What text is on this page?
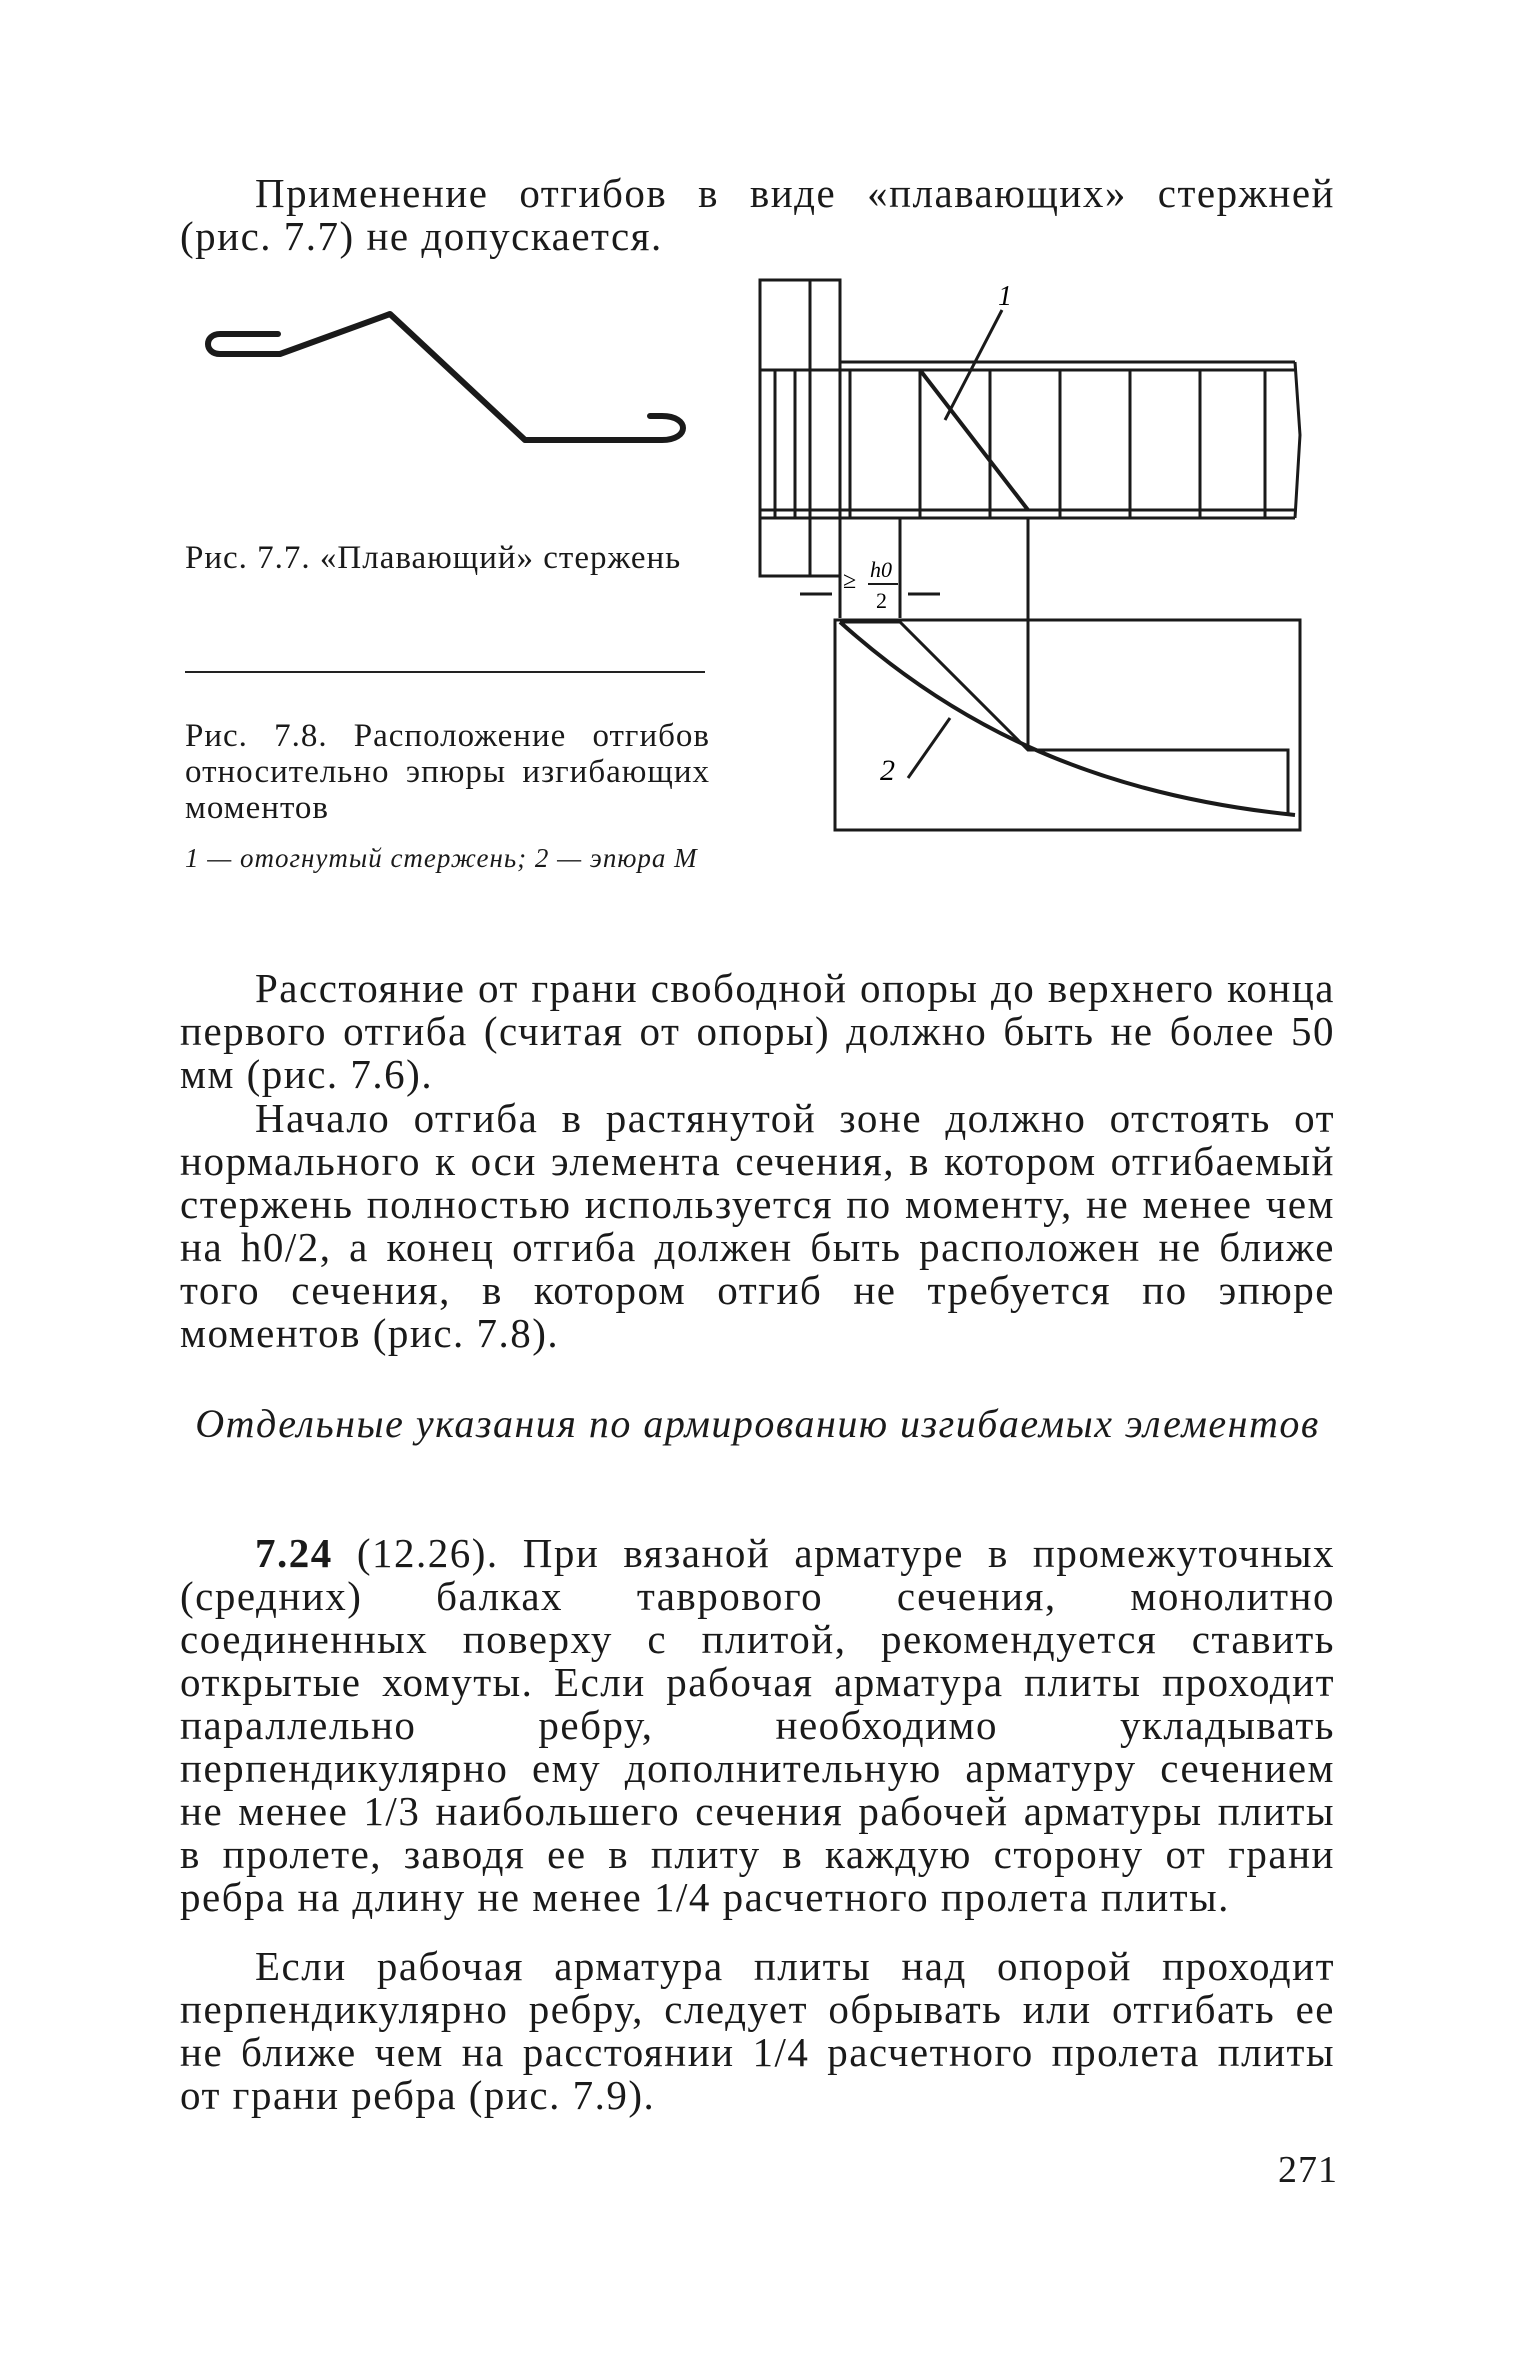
Применение отгибов в виде «плавающих» стержней (рис. 7.7) не допускается.

Рис. 7.7. «Плавающий» стержень

Рис. 7.8. Расположение отгибов относительно эпюры изгибающих моментов

1 — отогнутый стержень; 2 — эпюра М

1
2
≥ h0
2

Расстояние от грани свободной опоры до верхнего конца первого отгиба (считая от опоры) должно быть не более 50 мм (рис. 7.6).

Начало отгиба в растянутой зоне должно отстоять от нормального к оси элемента сечения, в котором отгибаемый стержень полностью используется по моменту, не менее чем на h0/2, а конец отгиба должен быть расположен не ближе того сечения, в котором отгиб не требуется по эпюре моментов (рис. 7.8).

Отдельные указания по армированию изгибаемых элементов

7.24 (12.26). При вязаной арматуре в промежуточных (средних) балках таврового сечения, монолитно соединенных поверху с плитой, рекомендуется ставить открытые хомуты. Если рабочая арматура плиты проходит параллельно ребру, необходимо укладывать перпендикулярно ему дополнительную арматуру сечением не менее 1/3 наибольшего сечения рабочей арматуры плиты в пролете, заводя ее в плиту в каждую сторону от грани ребра на длину не менее 1/4 расчетного пролета плиты.

Если рабочая арматура плиты над опорой проходит перпендикулярно ребру, следует обрывать или отгибать ее не ближе чем на расстоянии 1/4 расчетного пролета плиты от грани ребра (рис. 7.9).

271
